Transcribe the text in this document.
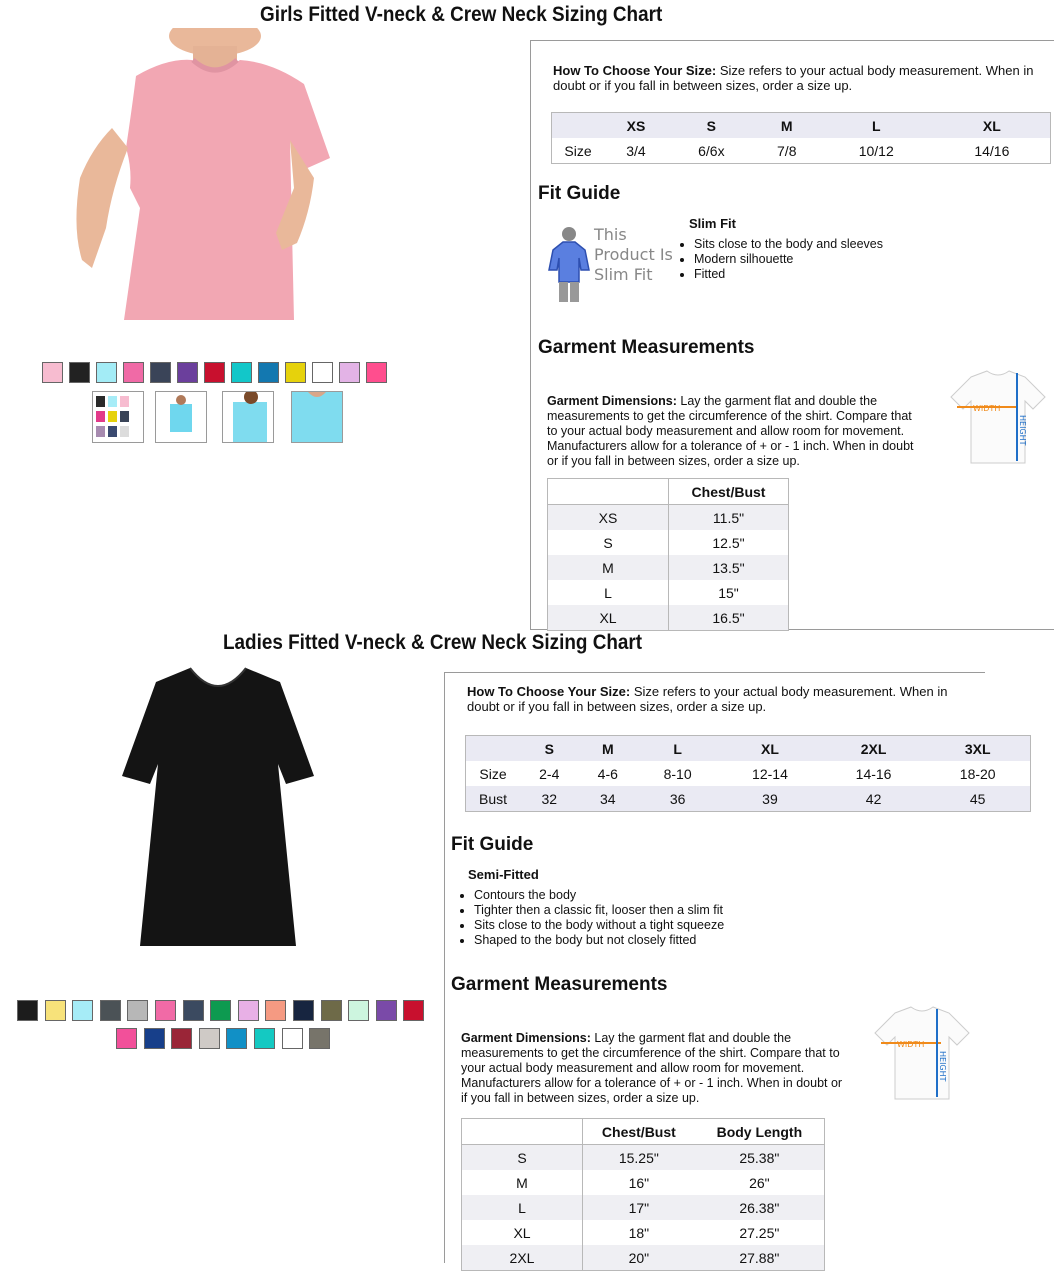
Girls Fitted V-neck & Crew Neck Sizing Chart
How To Choose Your Size: Size refers to your actual body measurement. When in doubt or if you fall in between sizes, order a size up.
	XS	S	M	L	XL
Size	3/4	6/6x	7/8	10/12	14/16
Fit Guide
This
Product Is
Slim Fit
Slim Fit
• Sits close to the body and sleeves
• Modern silhouette
• Fitted
Garment Measurements
Garment Dimensions: Lay the garment flat and double the measurements to get the circumference of the shirt. Compare that to your actual body measurement and allow room for movement. Manufacturers allow for a tolerance of + or - 1 inch. When in doubt or if you fall in between sizes, order a size up.
WIDTH
HEIGHT
	Chest/Bust
XS	11.5"
S	12.5"
M	13.5"
L	15"
XL	16.5"
Ladies Fitted V-neck & Crew Neck Sizing Chart
How To Choose Your Size: Size refers to your actual body measurement. When in doubt or if you fall in between sizes, order a size up.
	S	M	L	XL	2XL	3XL
Size	2-4	4-6	8-10	12-14	14-16	18-20
Bust	32	34	36	39	42	45
Fit Guide
Semi-Fitted
• Contours the body
• Tighter then a classic fit, looser then a slim fit
• Sits close to the body without a tight squeeze
• Shaped to the body but not closely fitted
Garment Measurements
Garment Dimensions: Lay the garment flat and double the measurements to get the circumference of the shirt. Compare that to your actual body measurement and allow room for movement. Manufacturers allow for a tolerance of + or - 1 inch. When in doubt or if you fall in between sizes, order a size up.
WIDTH
HEIGHT
	Chest/Bust	Body Length
S	15.25"	25.38"
M	16"	26"
L	17"	26.38"
XL	18"	27.25"
2XL	20"	27.88"
